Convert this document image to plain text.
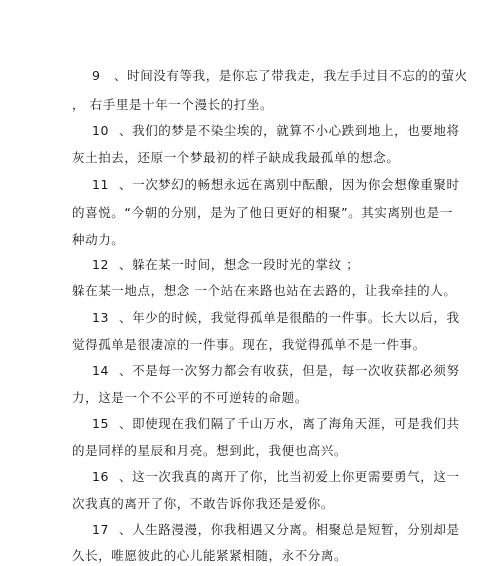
9 、时间没有等我，是你忘了带我走，我左手过目不忘的的萤火
， 右手里是十年一个漫长的打坐。
10 、我们的梦是不染尘埃的，就算不小心跌到地上，也要地将
灰土拍去，还原一个梦最初的样子缺成我最孤单的想念。
11 、一次梦幻的畅想永远在离别中酝酿，因为你会想像重聚时
的喜悦。“今朝的分别，是为了他日更好的相聚”。其实离别也是一
种动力。
12 、躲在某一时间，想念一段时光的掌纹 ；
躲在某一地点，想念 一个站在来路也站在去路的，让我牵挂的人。
13 、年少的时候，我觉得孤单是很酷的一件事。长大以后，我
觉得孤单是很凄凉的一件事。现在，我觉得孤单不是一件事。
14 、不是每一次努力都会有收获，但是，每一次收获都必须努
力，这是一个不公平的不可逆转的命题。
15 、即使现在我们隔了千山万水，离了海角天涯，可是我们共
的是同样的星辰和月亮。想到此，我便也高兴。
16 、这一次我真的离开了你，比当初爱上你更需要勇气，这一
次我真的离开了你，不敢告诉你我还是爱你。
17 、人生路漫漫，你我相遇又分离。相聚总是短暂，分别却是
久长，唯愿彼此的心儿能紧紧相随，永不分离。
